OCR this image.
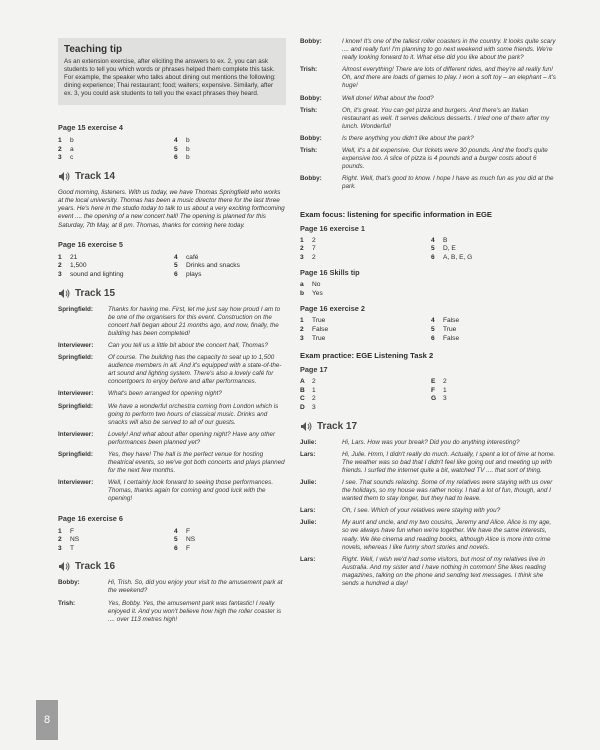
Teaching tip

As an extension exercise, after eliciting the answers to ex. 2, you can ask students to tell you which words or phrases helped them complete this task. For example, the speaker who talks about dining out mentions the following: dining experience; Thai restaurant; food; waiters; expensive. Similarly, after ex. 3, you could ask students to tell you the exact phrases they heard.

Page 15 exercise 4
1 b	4 b
2 a	5 b
3 c	6 b
Track 14
Good morning, listeners. With us today, we have Thomas Springfield who works at the local university. Thomas has been a music director there for the last three years. He's here in the studio today to talk to us about a very exciting forthcoming event .... the opening of a new concert hall! The opening is planned for this Saturday, 7th May, at 8 pm. Thomas, thanks for coming here today.
Page 16 exercise 5
1 21	4 café
2 1,500	5 Drinks and snacks
3 sound and lighting	6 plays
Track 15
Springfield:	Thanks for having me. First, let me just say how proud I am to be one of the organisers for this event. Construction on the concert hall began about 21 months ago, and now, finally, the building has been completed!
Interviewer:	Can you tell us a little bit about the concert hall, Thomas?
Springfield:	Of course. The building has the capacity to seat up to 1,500 audience members in all. And it's equipped with a state-of-the-art sound and lighting system. There's also a lovely café for concertgoers to enjoy before and after performances.
Interviewer:	What's been arranged for opening night?
Springfield:	We have a wonderful orchestra coming from London which is going to perform two hours of classical music. Drinks and snacks will also be served to all of our guests.
Interviewer:	Lovely! And what about after opening night? Have any other performances been planned yet?
Springfield:	Yes, they have! The hall is the perfect venue for hosting theatrical events, so we've got both concerts and plays planned for the next few months.
Interviewer:	Well, I certainly look forward to seeing those performances. Thomas, thanks again for coming and good luck with the opening!
Page 16 exercise 6
1 F	4 F
2 NS	5 NS
3 T	6 F
Track 16
Bobby:	Hi, Trish. So, did you enjoy your visit to the amusement park at the weekend?
Trish:	Yes, Bobby. Yes, the amusement park was fantastic! I really enjoyed it. And you won't believe how high the roller coaster is .... over 113 metres high!
Bobby:	I know! It's one of the tallest roller coasters in the country. It looks quite scary .... and really fun! I'm planning to go next weekend with some friends. We're really looking forward to it. What else did you like about the park?
Trish:	Almost everything! There are lots of different rides, and they're all really fun! Oh, and there are loads of games to play. I won a soft toy – an elephant – it's huge!
Bobby:	Well done! What about the food?
Trish:	Oh, it's great. You can get pizza and burgers. And there's an Italian restaurant as well. It serves delicious desserts. I tried one of them after my lunch. Wonderful!
Bobby:	Is there anything you didn't like about the park?
Trish:	Well, it's a bit expensive. Our tickets were 30 pounds. And the food's quite expensive too. A slice of pizza is 4 pounds and a burger costs about 6 pounds.
Bobby:	Right. Well, that's good to know. I hope I have as much fun as you did at the park.
Exam focus: listening for specific information in EGE
Page 16 exercise 1
1 2	4 B
2 7	5 D, E
3 2	6 A, B, E, G
Page 16 Skills tip
a No
b Yes
Page 16 exercise 2
1 True	4 False
2 False	5 True
3 True	6 False
Exam practice: EGE Listening Task 2
Page 17
A 2	E 2
B 1	F 1
C 2	G 3
D 3
Track 17
Julie:	Hi, Lars. How was your break? Did you do anything interesting?
Lars:	Hi, Julie. Hmm, I didn't really do much. Actually, I spent a lot of time at home. The weather was so bad that I didn't feel like going out and meeting up with friends. I surfed the internet quite a bit, watched TV .... that sort of thing.
Julie:	I see. That sounds relaxing. Some of my relatives were staying with us over the holidays, so my house was rather noisy. I had a lot of fun, though, and I wanted them to stay longer, but they had to leave.
Lars:	Oh, I see. Which of your relatives were staying with you?
Julie:	My aunt and uncle, and my two cousins, Jeremy and Alice. Alice is my age, so we always have fun when we're together. We have the same interests, really. We like cinema and reading books, although Alice is more into crime novels, whereas I like funny short stories and novels.
Lars:	Right. Well, I wish we'd had some visitors, but most of my relatives live in Australia. And my sister and I have nothing in common! She likes reading magazines, talking on the phone and sending text messages. I think she sends a hundred a day!
8
